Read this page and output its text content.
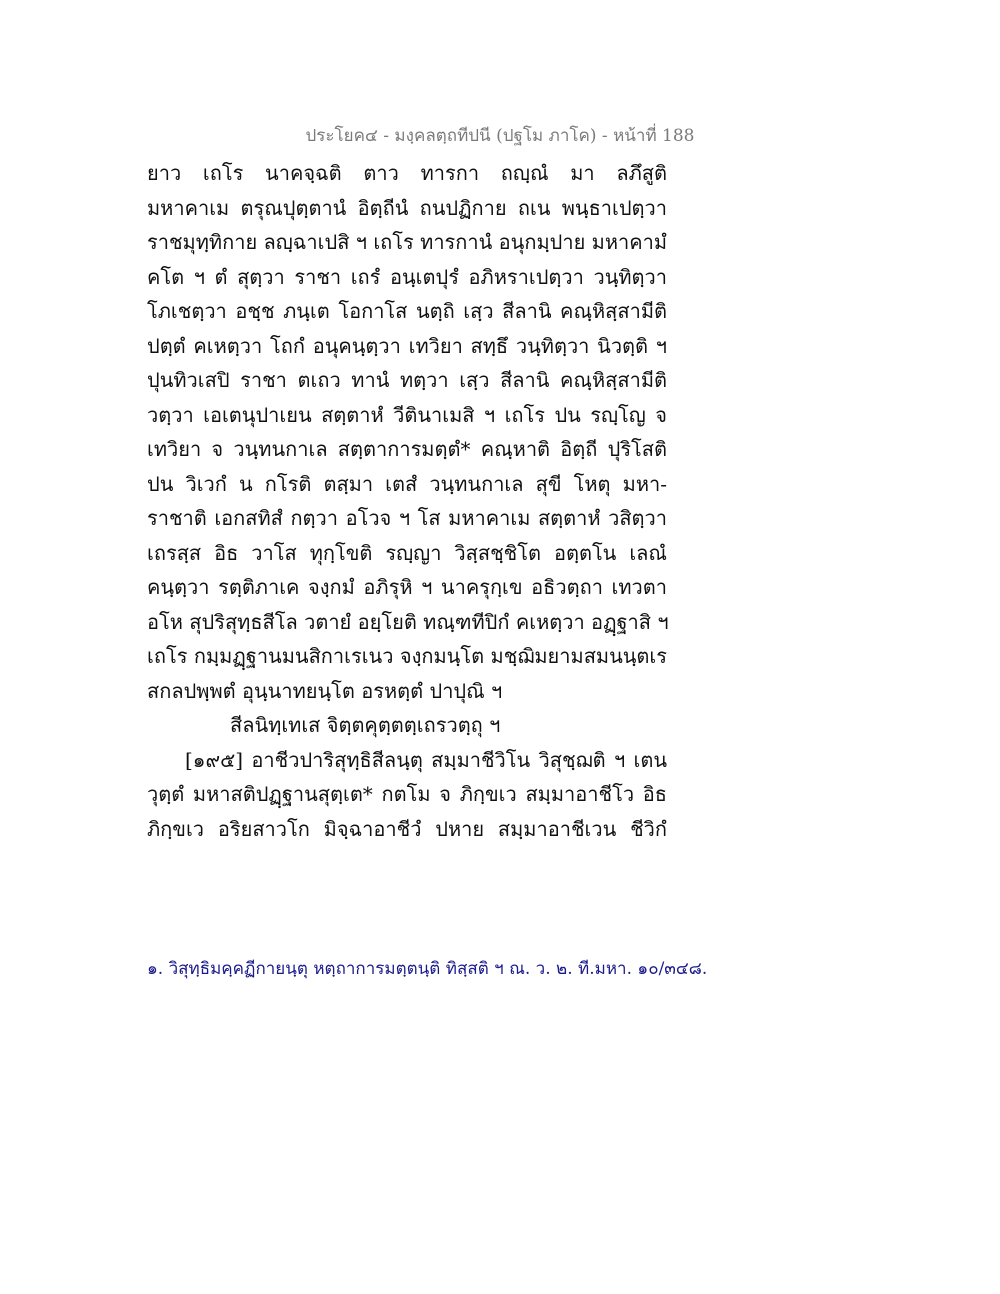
ประโยค๔ - มงฺคลตฺถทีปนี (ปฐโม ภาโค) - หน้าที่ 188
ยาว เถโร นาคจฺฉติ ตาว ทารกา ถญฺณํ มา ลภึสูติ
มหาคาเม ตรุณปุตฺตานํ อิตฺถีนํ ถนปฏิกาย ถเน พนฺธาเปตฺวา
ราชมุทฺทิกาย ลญฺฉาเปสิ ฯ เถโร ทารกานํ อนุกมฺปาย มหาคามํ
คโต ฯ ตํ สุตฺวา ราชา เถรํ อนฺเตปุรํ อภิหราเปตฺวา วนฺทิตฺวา
โภเชตฺวา อชฺช ภนฺเต โอกาโส นตฺถิ เสฺว สีลานิ คณฺหิสฺสามีติ
ปตฺตํ คเหตฺวา โถกํ อนุคนฺตฺวา เทวิยา สทฺธึ วนฺทิตฺวา นิวตฺติ ฯ
ปุนทิวเสปิ ราชา ตเถว ทานํ ทตฺวา เสฺว สีลานิ คณฺหิสฺสามีติ
วตฺวา เอเตนุปาเยน สตฺตาหํ วีตินาเมสิ ฯ เถโร ปน รญฺโญ จ
เทวิยา จ วนฺทนกาเล สตฺตาการมตฺตํ* คณฺหาติ อิตฺถี ปุริโสติ
ปน วิเวกํ น กโรติ ตสฺมา เตสํ วนฺทนกาเล สุขี โหตุ มหา-
ราชาติ เอกสทิสํ กตฺวา อโวจ ฯ โส มหาคาเม สตฺตาหํ วสิตฺวา
เถรสฺส อิธ วาโส ทุกฺโขติ รญฺญา วิสฺสชฺชิโต อตฺตโน เลณํ
คนฺตฺวา รตฺติภาเค จงฺกมํ อภิรุหิ ฯ นาครุกฺเข อธิวตฺถา เทวตา
อโห สุปริสุทฺธสีโล วตายํ อยฺโยติ ทณฺฑทีปิกํ คเหตฺวา อฏฺฐาสิ ฯ
เถโร กมฺมฏฺฐานมนสิกาเรเนว จงฺกมนฺโต มชฺฌิมยามสมนนฺตเร
สกลปพฺพตํ อุนฺนาทยนฺโต อรหตฺตํ ปาปุณิ ฯ
สีลนิทฺเทเส จิตฺตคุตฺตตฺเถรวตฺถุ ฯ
[๑๙๕] อาชีวปาริสุทฺธิสีลนฺตุ สมฺมาชีวิโน วิสุชฺฌติ ฯ เตน
วุตฺตํ มหาสติปฏฺฐานสุตฺเต* กตโม จ ภิกฺขเว สมฺมาอาชีโว อิธ
ภิกฺขเว อริยสาวโก มิจฺฉาอาชีวํ ปหาย สมฺมาอาชีเวน ชีวิกํ
๑. วิสุทฺธิมคฺคฏีกายนฺตุ หตฺถาการมตฺตนฺติ ทิสฺสติ ฯ ณ. ว. ๒. ที.มหา. ๑๐/๓๔๘.
